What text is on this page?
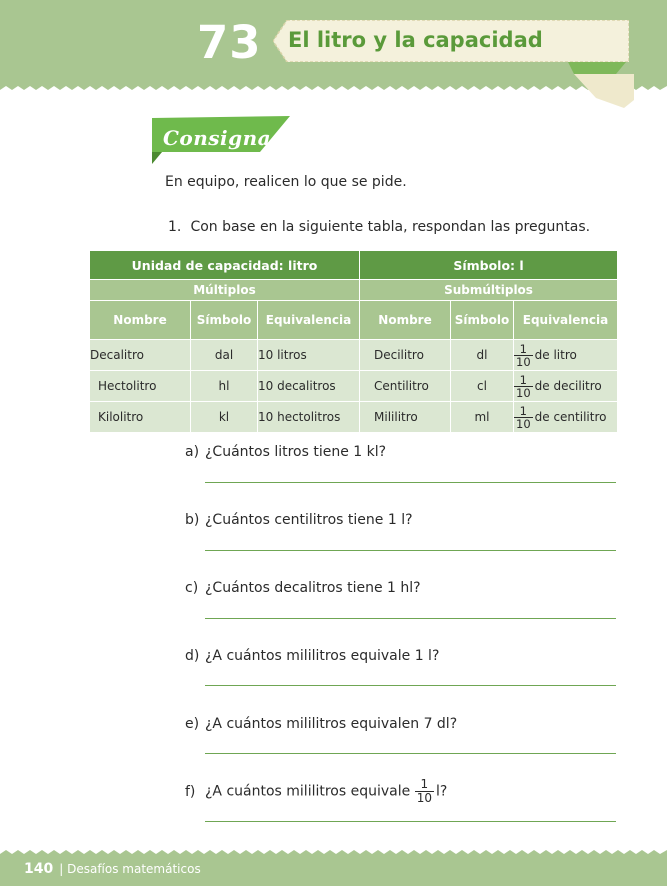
73 El litro y la capacidad
Consigna
En equipo, realicen lo que se pide.
1. Con base en la siguiente tabla, respondan las preguntas.
Unidad de capacidad: litro			Símbolo: l		
Múltiplos			Submúltiplos		
Nombre	Símbolo	Equivalencia	Nombre	Símbolo	Equivalencia
Decalitro	dal	10 litros	Decilitro	dl	$\frac{1}{10}$ de litro
Hectolitro	hl	10 decalitros	Centilitro	cl	$\frac{1}{10}$ de decilitro
Kilolitro	kl	10 hectolitros	Mililitro	ml	$\frac{1}{10}$ de centilitro
a) ¿Cuántos litros tiene 1 kl?
b) ¿Cuántos centilitros tiene 1 l?
c) ¿Cuántos decalitros tiene 1 hl?
d) ¿A cuántos mililitros equivale 1 l?
e) ¿A cuántos mililitros equivalen 7 dl?
f) ¿A cuántos mililitros equivale $\frac{1}{10} l$?
140 | Desafíos matemáticos
